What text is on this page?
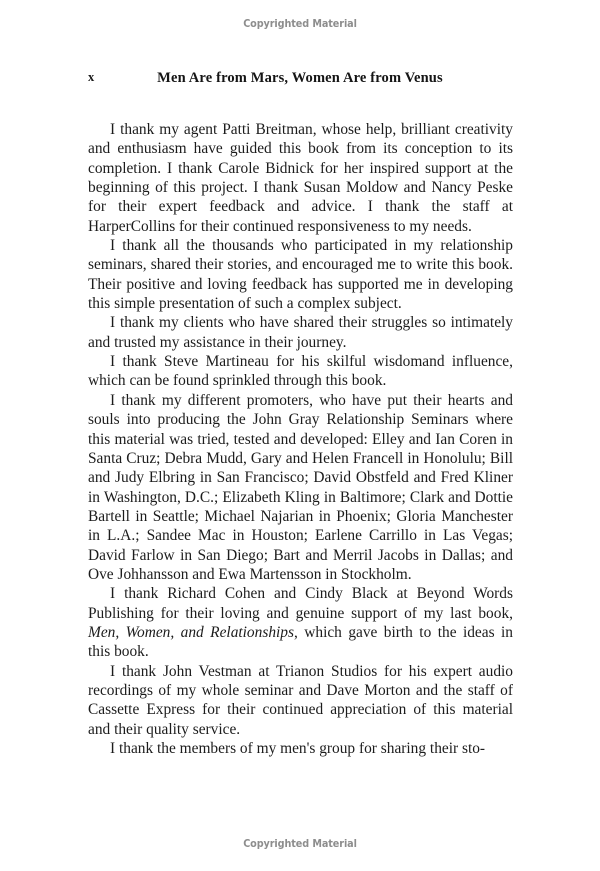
Copyrighted Material
x	Men Are from Mars, Women Are from Venus

I thank my agent Patti Breitman, whose help, brilliant creativity and enthusiasm have guided this book from its conception to its completion. I thank Carole Bidnick for her inspired support at the beginning of this project. I thank Susan Moldow and Nancy Peske for their expert feedback and advice. I thank the staff at HarperCollins for their continued responsiveness to my needs.

I thank all the thousands who participated in my relationship seminars, shared their stories, and encouraged me to write this book. Their positive and loving feedback has supported me in developing this simple presentation of such a complex subject.

I thank my clients who have shared their struggles so intimately and trusted my assistance in their journey.

I thank Steve Martineau for his skilful wisdomand influence, which can be found sprinkled through this book.

I thank my different promoters, who have put their hearts and souls into producing the John Gray Relationship Seminars where this material was tried, tested and developed: Elley and Ian Coren in Santa Cruz; Debra Mudd, Gary and Helen Francell in Honolulu; Bill and Judy Elbring in San Francisco; David Obstfeld and Fred Kliner in Washington, D.C.; Elizabeth Kling in Baltimore; Clark and Dottie Bartell in Seattle; Michael Najarian in Phoenix; Gloria Manchester in L.A.; Sandee Mac in Houston; Earlene Carrillo in Las Vegas; David Farlow in San Diego; Bart and Merril Jacobs in Dallas; and Ove Johhansson and Ewa Martensson in Stockholm.

I thank Richard Cohen and Cindy Black at Beyond Words Publishing for their loving and genuine support of my last book, Men, Women, and Relationships, which gave birth to the ideas in this book.

I thank John Vestman at Trianon Studios for his expert audio recordings of my whole seminar and Dave Morton and the staff of Cassette Express for their continued appreciation of this material and their quality service.

I thank the members of my men's group for sharing their sto-

Copyrighted Material
